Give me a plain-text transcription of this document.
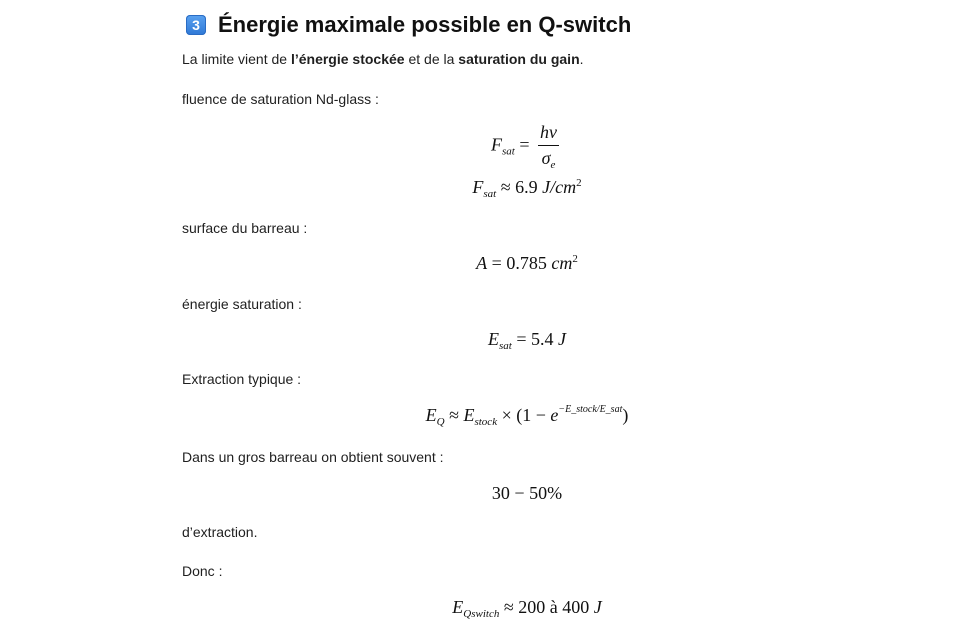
3 Énergie maximale possible en Q-switch
La limite vient de l’énergie stockée et de la saturation du gain.
fluence de saturation Nd-glass :
$F_{sat} = \frac{h\nu}{\sigma_e}$
$F_{sat} \approx 6.9$ $J/cm^2$
surface du barreau :
A = 0.785 $cm^2$
énergie saturation :
$E_{sat} = 5.4$ J
Extraction typique :
$E_Q \approx E_{stock} \times (1 - e^{-E\_stock/E\_sat})$
Dans un gros barreau on obtient souvent :
30 − 50%
d’extraction.
Donc :
$E_{Qswitch} \approx 200$ à 400 J
